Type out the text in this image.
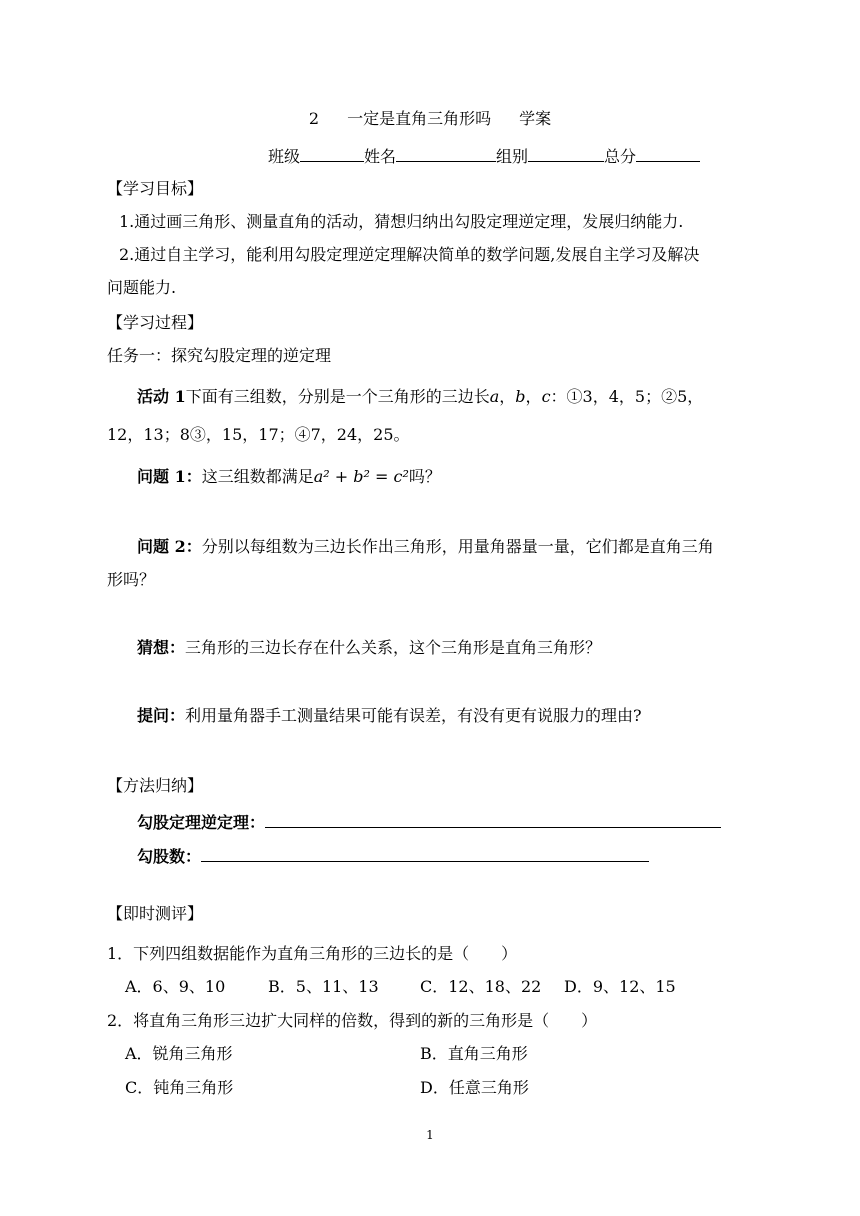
2 一定是直角三角形吗 学案
班级	姓名	组别	总分
【学习目标】
1.通过画三角形、测量直角的活动，猜想归纳出勾股定理逆定理，发展归纳能力.
2.通过自主学习，能利用勾股定理逆定理解决简单的数学问题,发展自主学习及解决
问题能力.
【学习过程】
任务一：探究勾股定理的逆定理
活动 1下面有三组数，分别是一个三角形的三边长a，b，c：①3，4，5；②5，
12，13；8③，15，17；④7，24，25。
问题 1：这三组数都满足a² + b² = c²吗？
问题 2：分别以每组数为三边长作出三角形，用量角器量一量，它们都是直角三角
形吗？
猜想：三角形的三边长存在什么关系，这个三角形是直角三角形？
提问：利用量角器手工测量结果可能有误差，有没有更有说服力的理由?
【方法归纳】
勾股定理逆定理：
勾股数：
【即时测评】
1．下列四组数据能作为直角三角形的三边长的是（　　）
A．6、9、10	B．5、11、13	C．12、18、22 D．9、12、15
2．将直角三角形三边扩大同样的倍数，得到的新的三角形是（　　）
A．锐角三角形	B．直角三角形
C．钝角三角形	D．任意三角形
1
